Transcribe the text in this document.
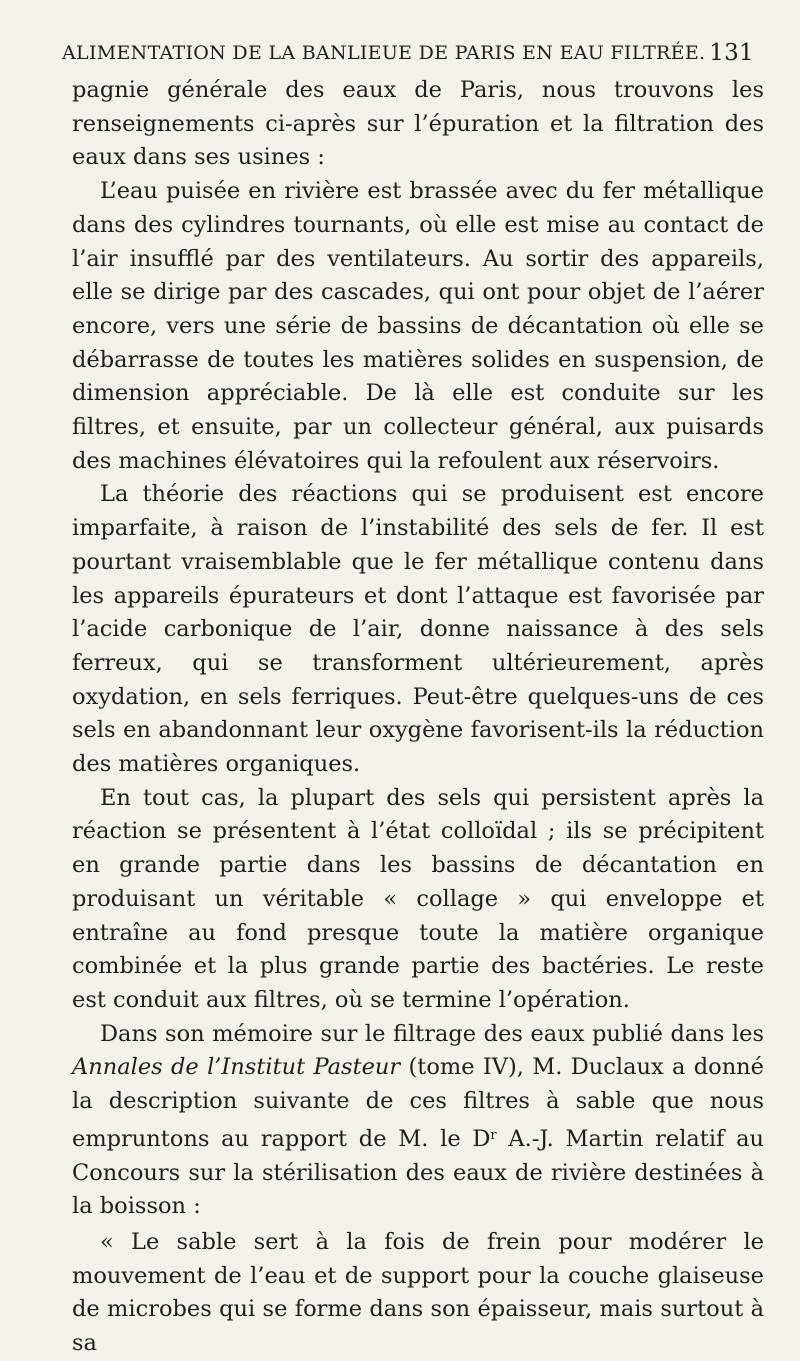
ALIMENTATION DE LA BANLIEUE DE PARIS EN EAU FILTRÉE. 131

pagnie générale des eaux de Paris, nous trouvons les renseignements ci-après sur l’épuration et la filtration des eaux dans ses usines :

L’eau puisée en rivière est brassée avec du fer métallique dans des cylindres tournants, où elle est mise au contact de l’air insufflé par des ventilateurs. Au sortir des appareils, elle se dirige par des cascades, qui ont pour objet de l’aérer encore, vers une série de bassins de décantation où elle se débarrasse de toutes les matières solides en suspension, de dimension appréciable. De là elle est conduite sur les filtres, et ensuite, par un collecteur général, aux puisards des machines élévatoires qui la refoulent aux réservoirs.

La théorie des réactions qui se produisent est encore imparfaite, à raison de l’instabilité des sels de fer. Il est pourtant vraisemblable que le fer métallique contenu dans les appareils épurateurs et dont l’attaque est favorisée par l’acide carbonique de l’air, donne naissance à des sels ferreux, qui se transforment ultérieurement, après oxydation, en sels ferriques. Peut-être quelques-uns de ces sels en abandonnant leur oxygène favorisent-ils la réduction des matières organiques.

En tout cas, la plupart des sels qui persistent après la réaction se présentent à l’état colloïdal ; ils se précipitent en grande partie dans les bassins de décantation en produisant un véritable « collage » qui enveloppe et entraîne au fond presque toute la matière organique combinée et la plus grande partie des bactéries. Le reste est conduit aux filtres, où se termine l’opération.

Dans son mémoire sur le filtrage des eaux publié dans les Annales de l’Institut Pasteur (tome IV), M. Duclaux a donné la description suivante de ces filtres à sable que nous empruntons au rapport de M. le $D^r$ A.-J. Martin relatif au Concours sur la stérilisation des eaux de rivière destinées à la boisson :

« Le sable sert à la fois de frein pour modérer le mouvement de l’eau et de support pour la couche glaiseuse de microbes qui se forme dans son épaisseur, mais surtout à sa
